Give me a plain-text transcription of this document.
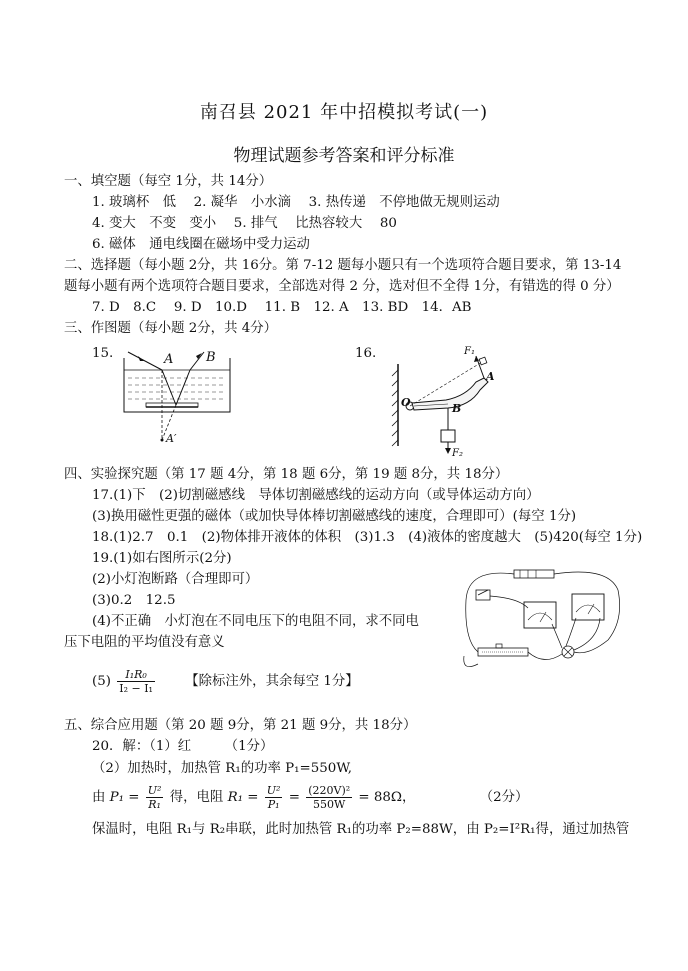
南召县 2021 年中招模拟考试(一)
物理试题参考答案和评分标准
一、填空题（每空 1分，共 14分）
1. 玻璃杯　低　 2. 凝华　小水滴　 3. 热传递　不停地做无规则运动
4. 变大　不变　变小　 5. 排气　 比热容较大　 80
6. 磁体　通电线圈在磁场中受力运动
二、选择题（每小题 2分，共 16分。第 7-12 题每小题只有一个选项符合题目要求，第 13-14
题每小题有两个选项符合题目要求，全部选对得 2 分，选对但不全得 1分，有错选的得 0 分）
7. D　8.C　 9. D　10.D　 11. B　12. A　13. BD　14．AB
三、作图题（每小题 2分，共 4分）
15.	16.
A	B
A′
O	B
A
F₁
F₂
四、实验探究题（第 17 题 4分，第 18 题 6分，第 19 题 8分，共 18分）
17.(1)下　(2)切割磁感线　导体切割磁感线的运动方向（或导体运动方向）
(3)换用磁性更强的磁体（或加快导体棒切割磁感线的速度，合理即可）(每空 1分)
18.(1)2.7　0.1　(2)物体排开液体的体积　(3)1.3　(4)液体的密度越大　(5)420(每空 1分)
19.(1)如右图所示(2分)
(2)小灯泡断路（合理即可）
(3)0.2　12.5
(4)不正确　小灯泡在不同电压下的电阻不同，求不同电
压下电阻的平均值没有意义
$(5) \frac{\text{I₁R₀}}{\text{I₂ − I₁}}$ 【除标注外，其余每空 1分】
五、综合应用题（第 20 题 9分，第 21 题 9分，共 18分）
20．解：（1）红　　　（1分）
（2）加热时，加热管 R₁的功率 P₁=550W,
由 $P_1 = \frac{\text{U²}}{\text{R₁}}$ 得，电阻 $R_1 = \frac{\text{U²}}{\text{P₁}} = \frac{\text{(220V)²}}{550W} = 88\Omega$，	（2分）
保温时，电阻 R₁与 R₂串联，此时加热管 R₁的功率 P₂=88W，由 P₂=I²R₁得，通过加热管
